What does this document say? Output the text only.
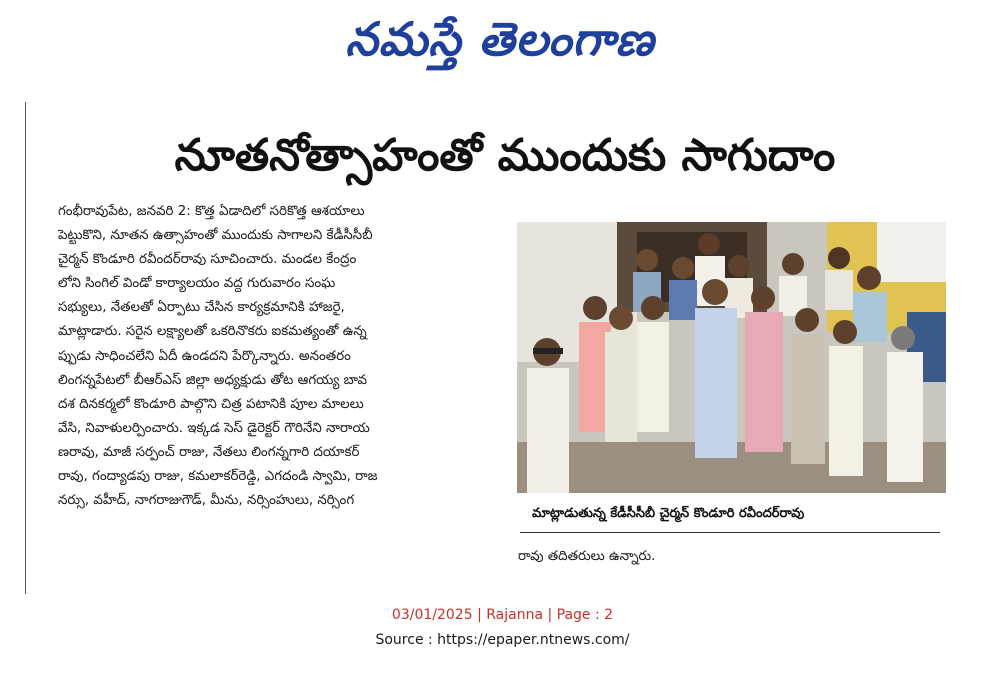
నమస్తే తెలంగాణ
నూతనోత్సాహంతో ముందుకు సాగుదాం

గంభీరావుపేట, జనవరి 2: కొత్త ఏడాదిలో సరికొత్త ఆశయాలు

పెట్టుకొని, నూతన ఉత్సాహంతో ముందుకు సాగాలని కేడీసీసీబీ

చైర్మన్ కొండూరి రవీందర్‌రావు సూచించారు. మండల కేంద్రం

లోని సింగిల్ విండో కార్యాలయం వద్ద గురువారం సంఘ

సభ్యులు, నేతలతో ఏర్పాటు చేసిన కార్యక్రమానికి హాజరై,

మాట్లాడారు. సరైన లక్ష్యాలతో ఒకరినొకరు ఐకమత్యంతో ఉన్న

ప్పుడు సాధించలేని ఏదీ ఉండదని పేర్కొన్నారు. అనంతరం

లింగన్నపేటలో బీఆర్‌ఎస్ జిల్లా అధ్యక్షుడు తోట ఆగయ్య బావ

దశ దినకర్మలో కొండూరి పాల్గొని చిత్ర పటానికి పూల మాలలు

వేసి, నివాళులర్పించారు. ఇక్కడ సెస్ డైరెక్టర్ గౌరినేని నారాయ

ణరావు, మాజీ సర్పంచ్ రాజు, నేతలు లింగన్నగారి దయాకర్

రావు, గంద్యాడపు రాజు, కమలాకర్‌రెడ్డి, ఎగదండి స్వామి, రాజ

నర్సు, వహీద్, నాగరాజుగౌడ్, మీను, నర్సింహులు, నర్సింగ

మాట్లాడుతున్న కేడీసీసీబీ చైర్మన్ కొండూరి రవీందర్‌రావు
రావు తదితరులు ఉన్నారు.
03/01/2025 | Rajanna | Page : 2
Source : https://epaper.ntnews.com/
